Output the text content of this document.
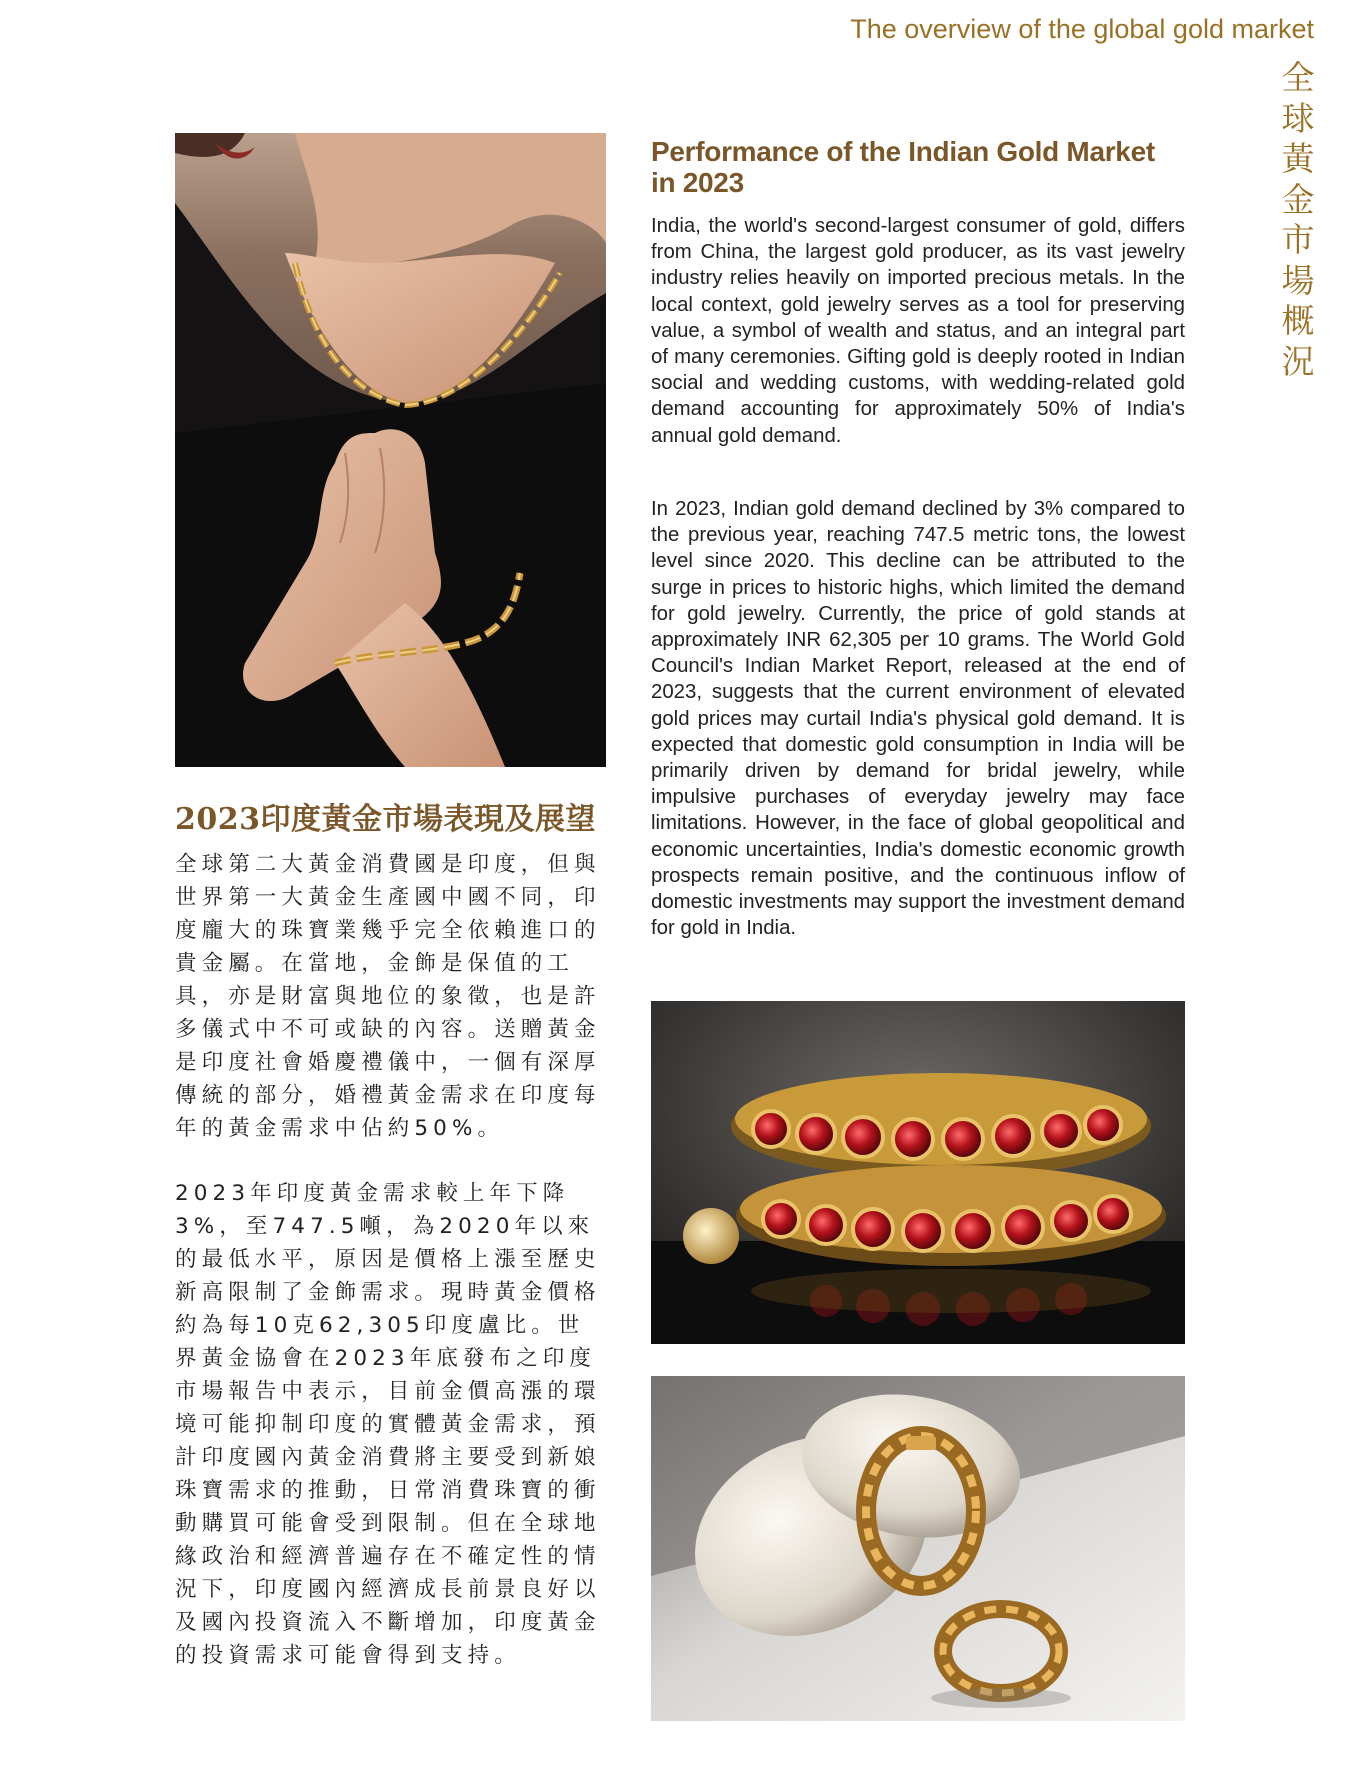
The overview of the global gold market
全
球
黃
金
市
場
概
況
Performance of the Indian Gold Market in 2023

India, the world's second-largest consumer of gold, differs from China, the largest gold producer, as its vast jewelry industry relies heavily on imported precious metals. In the local context, gold jewelry serves as a tool for preserving value, a symbol of wealth and status, and an integral part of many ceremonies. Gifting gold is deeply rooted in Indian social and wedding customs, with wedding-related gold demand accounting for approximately 50% of India's annual gold demand.

In 2023, Indian gold demand declined by 3% compared to the previous year, reaching 747.5 metric tons, the lowest level since 2020. This decline can be attributed to the surge in prices to historic highs, which limited the demand for gold jewelry. Currently, the price of gold stands at approximately INR 62,305 per 10 grams. The World Gold Council's Indian Market Report, released at the end of 2023, suggests that the current environment of elevated gold prices may curtail India's physical gold demand. It is expected that domestic gold consumption in India will be primarily driven by demand for bridal jewelry, while impulsive purchases of everyday jewelry may face limitations. However, in the face of global geopolitical and economic uncertainties, India's domestic economic growth prospects remain positive, and the continuous inflow of domestic investments may support the investment demand for gold in India.

2023印度黃金市場表現及展望

全球第二大黃金消費國是印度，但與世界第一大黃金生產國中國不同，印度龐大的珠寶業幾乎完全依賴進口的貴金屬。在當地，金飾是保值的工具，亦是財富與地位的象徵，也是許多儀式中不可或缺的內容。送贈黃金是印度社會婚慶禮儀中，一個有深厚傳統的部分，婚禮黃金需求在印度每年的黃金需求中佔約50%。

2023年印度黃金需求較上年下降3%，至747.5噸，為2020年以來的最低水平，原因是價格上漲至歷史新高限制了金飾需求。現時黃金價格約為每10克62,305印度盧比。世界黃金協會在2023年底發布之印度市場報告中表示，目前金價高漲的環境可能抑制印度的實體黃金需求，預計印度國內黃金消費將主要受到新娘珠寶需求的推動，日常消費珠寶的衝動購買可能會受到限制。但在全球地緣政治和經濟普遍存在不確定性的情況下，印度國內經濟成長前景良好以及國內投資流入不斷增加，印度黃金的投資需求可能會得到支持。
